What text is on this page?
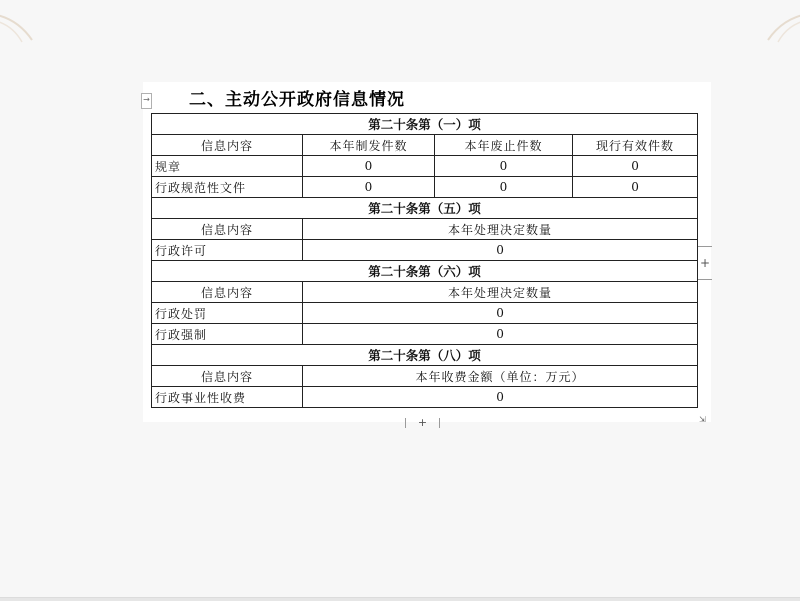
→ 二、主动公开政府信息情况
第二十条第（一）项			
信息内容	本年制发件数	本年废止件数	现行有效件数
规章	0	0	0
行政规范性文件	0	0	0
第二十条第（五）项			
信息内容	本年处理决定数量		
行政许可	0		
第二十条第（六）项			
信息内容	本年处理决定数量		
行政处罚	0		
行政强制	0		
第二十条第（八）项			
信息内容	本年收费金额（单位：万元）		
行政事业性收费	0		
+
+	⇲
